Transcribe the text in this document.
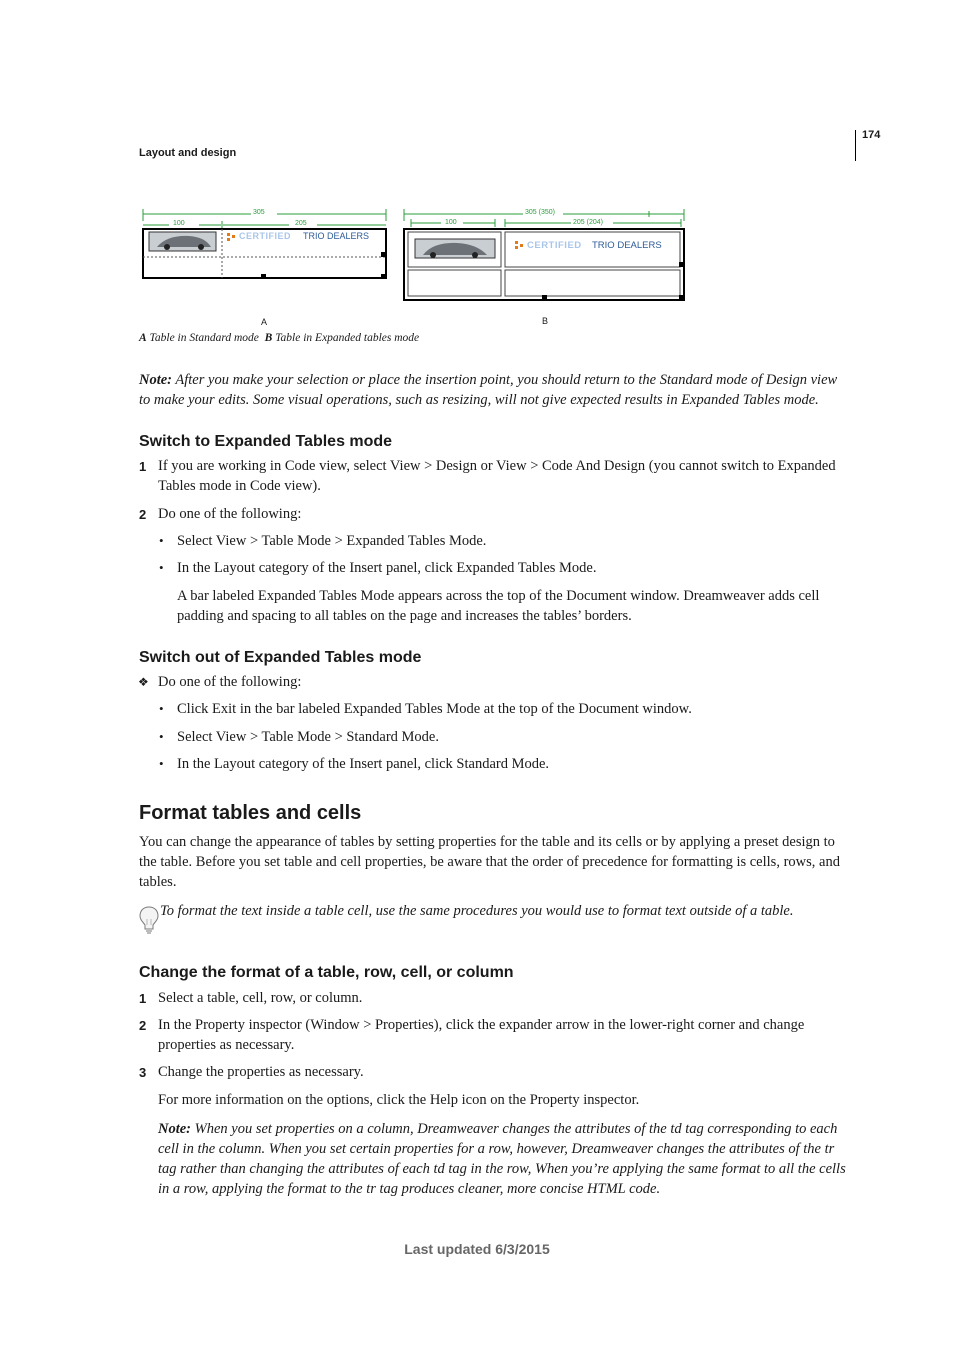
Layout and design
174
305
100	205
CERTIFIED TRIO DEALERS
A
305 (350)
100	205 (204)
CERTIFIED TRIO DEALERS
B
A Table in Standard mode B Table in Expanded tables mode
Note: After you make your selection or place the insertion point, you should return to the Standard mode of Design view to make your edits. Some visual operations, such as resizing, will not give expected results in Expanded Tables mode.
Switch to Expanded Tables mode
1 If you are working in Code view, select View > Design or View > Code And Design (you cannot switch to Expanded Tables mode in Code view).
2 Do one of the following:
• Select View > Table Mode > Expanded Tables Mode.
• In the Layout category of the Insert panel, click Expanded Tables Mode.
A bar labeled Expanded Tables Mode appears across the top of the Document window. Dreamweaver adds cell padding and spacing to all tables on the page and increases the tables’ borders.
Switch out of Expanded Tables mode
❖ Do one of the following:
• Click Exit in the bar labeled Expanded Tables Mode at the top of the Document window.
• Select View > Table Mode > Standard Mode.
• In the Layout category of the Insert panel, click Standard Mode.
Format tables and cells
You can change the appearance of tables by setting properties for the table and its cells or by applying a preset design to the table. Before you set table and cell properties, be aware that the order of precedence for formatting is cells, rows, and tables.
To format the text inside a table cell, use the same procedures you would use to format text outside of a table.
Change the format of a table, row, cell, or column
1 Select a table, cell, row, or column.
2 In the Property inspector (Window > Properties), click the expander arrow in the lower-right corner and change properties as necessary.
3 Change the properties as necessary.
For more information on the options, click the Help icon on the Property inspector.
Note: When you set properties on a column, Dreamweaver changes the attributes of the td tag corresponding to each cell in the column. When you set certain properties for a row, however, Dreamweaver changes the attributes of the tr tag rather than changing the attributes of each td tag in the row, When you’re applying the same format to all the cells in a row, applying the format to the tr tag produces cleaner, more concise HTML code.
Last updated 6/3/2015
